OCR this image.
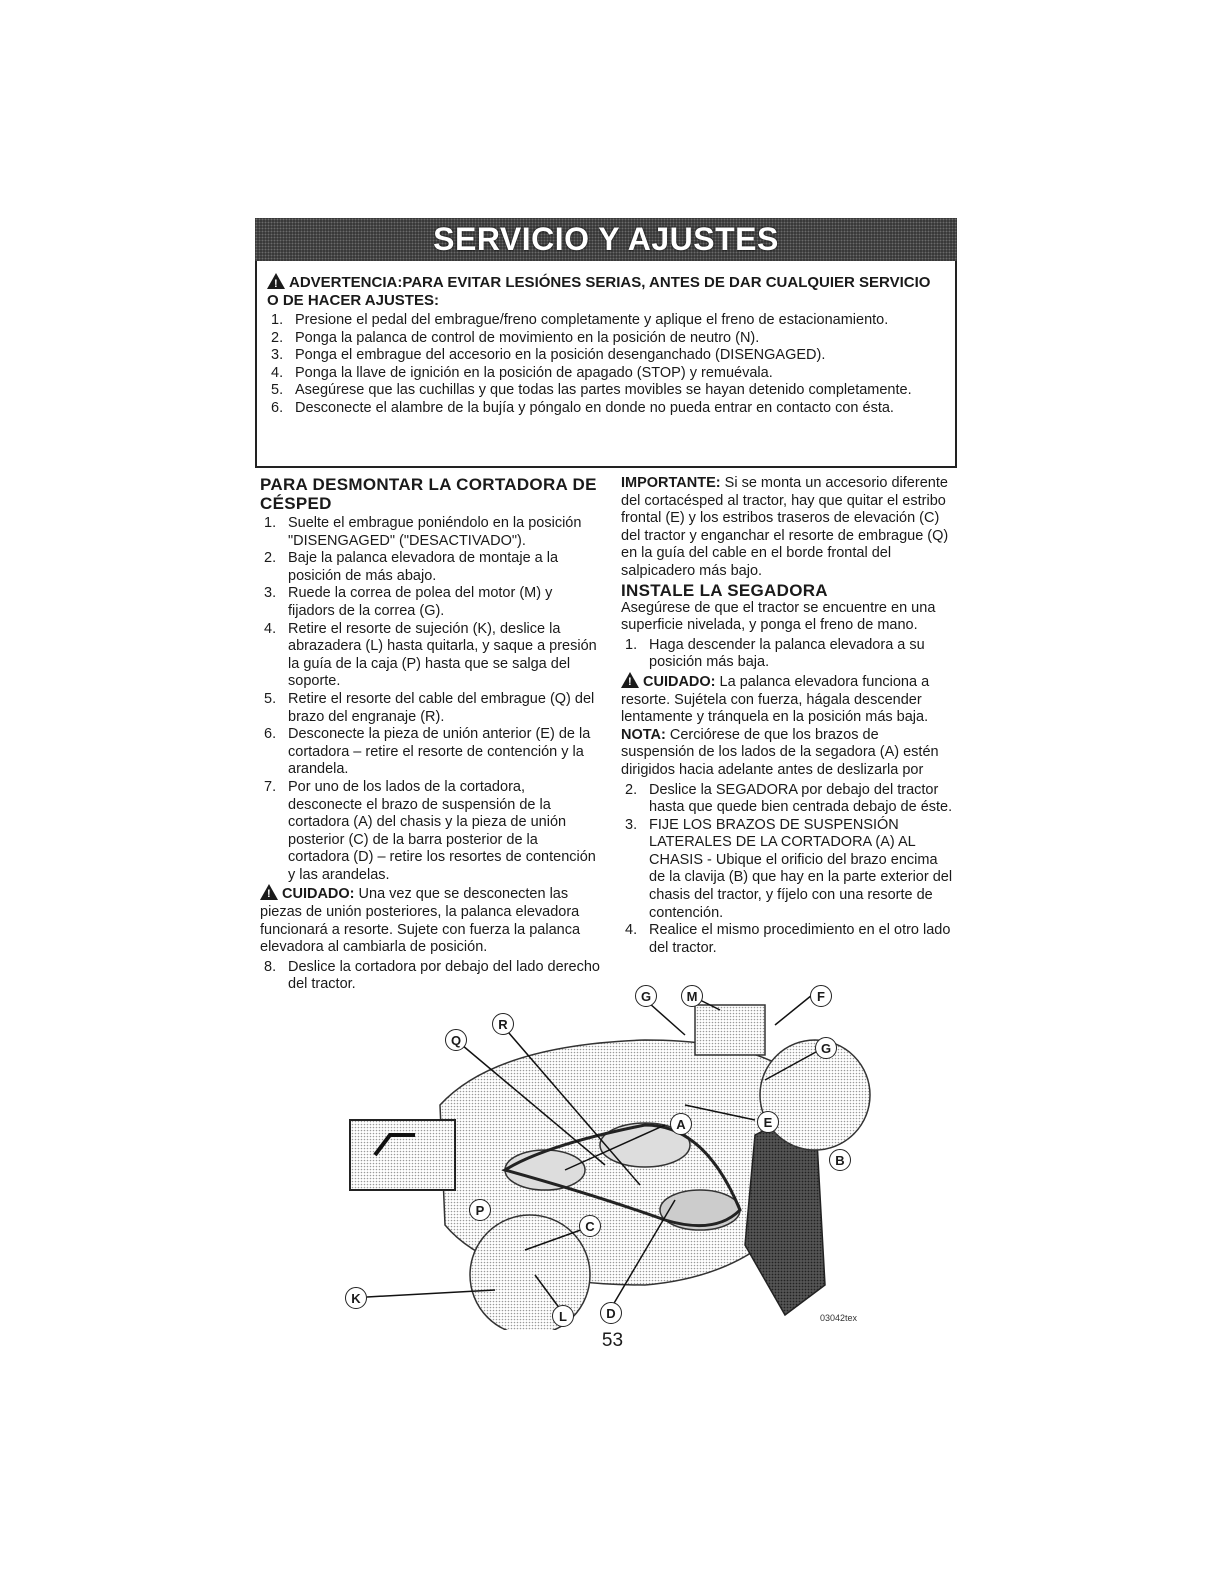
SERVICIO Y AJUSTES
!ADVERTENCIA:PARA EVITAR LESIÓNES SERIAS, ANTES DE DAR CUALQUIER SERVICIO O DE HACER AJUSTES:
1. Presione el pedal del embrague/freno completamente y aplique el freno de estacionamiento.
2. Ponga la palanca de control de movimiento en la posición de neutro (N).
3. Ponga el embrague del accesorio en la posición desenganchado (DISENGAGED).
4. Ponga la llave de ignición en la posición de apagado (STOP) y remuévala.
5. Asegúrese que las cuchillas y que todas las partes movibles se hayan detenido completamente.
6. Desconecte el alambre de la bujía y póngalo en donde no pueda entrar en contacto con ésta.
PARA DESMONTAR LA CORTADORA DE CÉSPED
1. Suelte el embrague poniéndolo en la posición "DISENGAGED" ("DESACTIVADO").
2. Baje la palanca elevadora de montaje a la posición de más abajo.
3. Ruede la correa de polea del motor (M) y fijadors de la correa (G).
4. Retire el resorte de sujeción (K), deslice la abrazadera (L) hasta quitarla, y saque a presión la guía de la caja (P) hasta que se salga del soporte.
5. Retire el resorte del cable del embrague (Q) del brazo del engranaje (R).
6. Desconecte la pieza de unión anterior (E) de la cortadora – retire el resorte de contención y la arandela.
7. Por uno de los lados de la cortadora, desconecte el brazo de suspensión de la cortadora (A) del chasis y la pieza de unión posterior (C) de la barra posterior de la cortadora (D) – retire los resortes de contención y las arandelas.

!CUIDADO: Una vez que se desconecten las piezas de unión posteriores, la palanca elevadora funcionará a resorte. Sujete con fuerza la palanca elevadora al cambiarla de posición.

8. Deslice la cortadora por debajo del lado derecho del tractor.

IMPORTANTE: Si se monta un accesorio diferente del cortacésped al tractor, hay que quitar el estribo frontal (E) y los estribos traseros de elevación (C) del tractor y enganchar el resorte de embrague (Q) en la guía del cable en el borde frontal del salpicadero más bajo.

INSTALE LA SEGADORA

Asegúrese de que el tractor se encuentre en una superficie nivelada, y ponga el freno de mano.

1. Haga descender la palanca elevadora a su posición más baja.

!CUIDADO: La palanca elevadora funciona a resorte. Sujétela con fuerza, hágala descender lentamente y tránquela en la posición más baja.

NOTA: Cerciórese de que los brazos de suspensión de los lados de la segadora (A) estén dirigidos hacia adelante antes de deslizarla por

2. Deslice la SEGADORA por debajo del tractor hasta que quede bien centrada debajo de éste.
3. FIJE LOS BRAZOS DE SUSPENSIÓN LATERALES DE LA CORTADORA (A) AL CHASIS - Ubique el orificio del brazo encima de la clavija (B) que hay en la parte exterior del chasis del tractor, y fíjelo con una resorte de contención.
4. Realice el mismo procedimiento en el otro lado del tractor.
G	M	F
Q
R
G
A	E
B
P
C
K
L	D	03042tex
53
